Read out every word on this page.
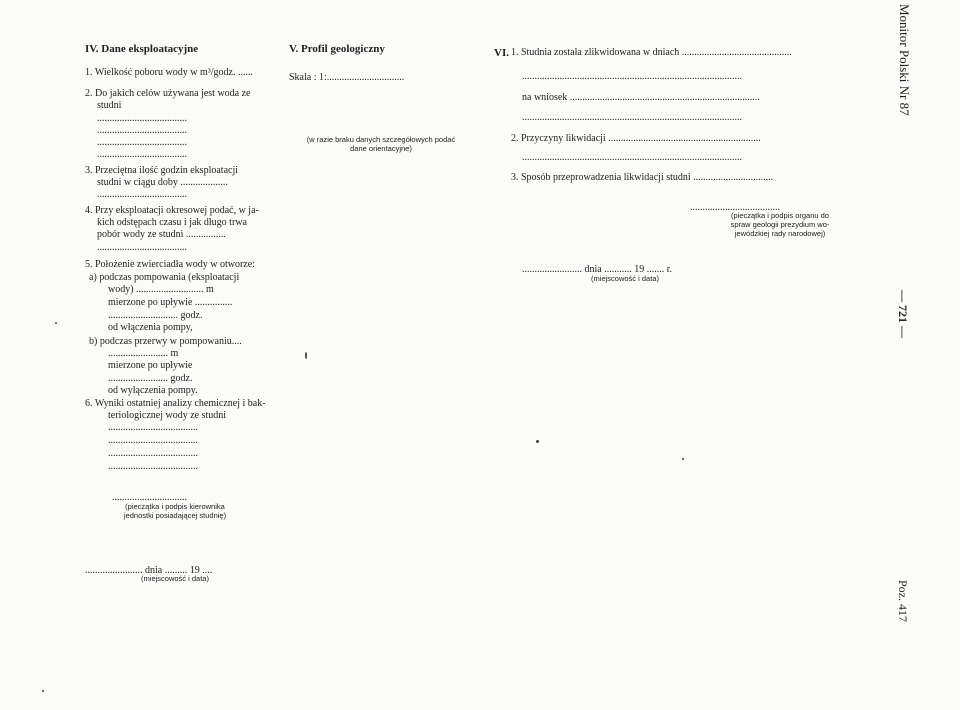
IV. Dane eksploatacyjne
1. Wielkość poboru wody w m³/godz. ......
2. Do jakich celów używana jest woda ze
studni
....................................
....................................
....................................
....................................
3. Przeciętna ilość godzin eksploatacji
studni w ciągu doby ...................
....................................
4. Przy eksploatacji okresowej podać, w ja-
kich odstępach czasu i jak długo trwa
pobór wody ze studni ................
....................................
5. Położenie zwierciadła wody w otworze:
a) podczas pompowania (eksploatacji
wody) ........................... m
mierzone po upływie ...............
............................ godz.
od włączenia pompy,
b) podczas przerwy w pompowaniu....
........................ m
mierzone po upływie
........................ godz.
od wyłączenia pompy.
6. Wyniki ostatniej analizy chemicznej i bak-
teriologicznej wody ze studni
....................................
....................................
....................................
....................................
..............................
(pieczątka i podpis kierownika
jednostki posiadającej studnię)
....................... dnia ......... 19 ....
(miejscowość i data)
V. Profil geologiczny
Skala : 1:...............................
(w razie braku danych szczegółowych podać
dane orientacyjne)
VI. 1. Studnia została zlikwidowana w dniach ............................................
........................................................................................
na wniosek ............................................................................
........................................................................................
2. Przyczyny likwidacji .............................................................
........................................................................................
3. Sposób przeprowadzenia likwidacji studni ................................
....................................
(pieczątka i podpis organu do
spraw geologii prezydium wo-
jewódzkiej rady narodowej)
........................ dnia ........... 19 ....... r.
(miejscowość i data)
Monitor Polski Nr 87
— 721 —
Poz. 417
